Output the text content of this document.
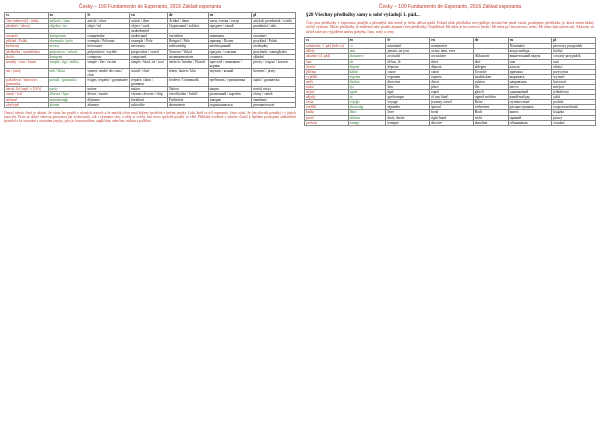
Ĉesky – 100 Fundamento de Esperanto, 2016 Základ esperanta
cs	eo	fr	en	de	ru	pl
člen (německý) / tehdy	artikolo / tiam	article / alors	article / then	Artikel / dann	член, статья / тогда	artykuł, przedimek / wtedy
předmět / takový	objekto / tia	objet / tel	object / such	Gegenstand / solcher	предмет / такой	przedmiot / taki
			underdenied			
rozumět	komprenan	comprendre	understand	verstehen	понимать	rozumieć
příklad / Polák	ekzemplo / polo	exemple / Polonais	example / Pole	Beispiel / Pole	пример / Полек	przykład / Polak
nezbytný	necesa	nécessaire	necessary	nothwendig	необходимый	niezbędny
předložka / samohláska	prepozicio / vokalo	préposition / voyelle	preposition / vowel	Vorwort / Vokal	предлог / гласная	przyimek / samogłoska
složit	komponi	composer	compound	zusammensetzen	сложить	składać
snadný / vzor / kmen	simpla / ligi / radiko	simple / lier / racine	simple / bind, tie / root	einfach / binden / Wurzel	простой / связывать / корень	prosty / wiązać / korzeń
ani / jasný	nek / klara	sonner, rendre des sons / clair	sound / clear	tönen, lauten / klar	звучать / ясный	brzmieć / jasny
požadovat / mluvnice, gramatika	postuli / gramatiko	exiger, requérir / grammaire	require, claim / grammar	fordern / Grammatik	требовать / грамматика	żądać / gramatyka
národ, lid (např. v USA)	nacio	nation	nation	Nation	нация	naród, nacja
různý / loď	diversa / ŝipo	divers / navire	various, diverse / ship	verschieden / Schiff	различный / корабль	różny / statek
snídaně	matenmanĝo	déjeuner	breakfast	Frühstück	завтрак	śniadanie
obyčejně	abonni	abonner	subscribe	abonnieren	подписываться	prenumerować
Úmysl tohoto čtení je ukázat, že výraz lze použít v různých tvarech a že mnohá slova mají kořeny společné s jinými jazyky. Lidé, kteří se učí esperanto, často zjistí, že jim slovník pomáhá i v jiných jazycích. Proto je dobré věnovat pozornost jak výslovnosti, tak i významu slov, a vždy si ověřit, zda slovo správně použili ve větě. Příklady uvedené v tabulce slouží k lepšímu pochopení základních pravidel a ke srovnání s ostatními jazyky, jako je francouzština, angličtina, němčina, ruština a polština.
Ĉesky – 100 Fundamento de Esperanto, 2016 Základ esperanta
§28 Všechny předložky samy o sobě vyžadují 1. pád...
Čím jsou předložky v esperantu jasnější a přesnější, tím méně je třeba užívat pádů. Pokud však předložka nevyjadřuje dostatečně jasně vztah, použijeme předložku je, která nemá žádný určitý význam. Místo předložky je můžeme také použít akuzativ bez předložky. Například: Mi ridas je lia naiveco (nebo: Mi ridas pri lia naiveco, nebo: Mi ridas lian naivecon). Akuzativ se užívá také pro vyjádření směru pohybu, času, míry a ceny.
cs	eo	fr	en	de	ru	pl
nominativ, 1. pád (kdo co)	-o	nominatif	nominative		Nominativ	pierwszy przypadek
někdy	iam	jamais, un jour	at any time, ever		когда-нибудь	kiedyś
akuzativ (4. pád)	akuzativo	accusatif	accusative	Akkusativ	винительный падеж	czwarty przypadek
tam	tie	là-bas, là	there	dort	там	tam
dovést	deponi	déposer	deposit	ablegen	класть	złożyć
příčina	kaŭzo	cause	cause	Ursache	причина	przyczyna
vyjádřit	esprimi	exprimer	express	ausdrücken	выражать	wyrazić
směr	direkto	direction	direct	richten	направлять	kierować
místo	ejo	lieu	place	Ort	место	miejsce
stejný	egala	égal	equal	gleich	одинаковый	jednakowy
nějaký	iu	quelconque	of any kind	irgend welcher	какой-нибудь	jakiś
cesta	vojaĝo	voyage	journey, travel	Reise	путешествие	podróż
rozšířit	disvastigi	répandre	spread	verbreiten	распространять	rozpowszechniać
kniha	libro	livre	book	Buch	книга	książka
pravý	dekstra	droit, droite	right-hand	recht	правый	prawy
podvést	trompi	tromper	deceive	täuschen	обманывать	oszukać
